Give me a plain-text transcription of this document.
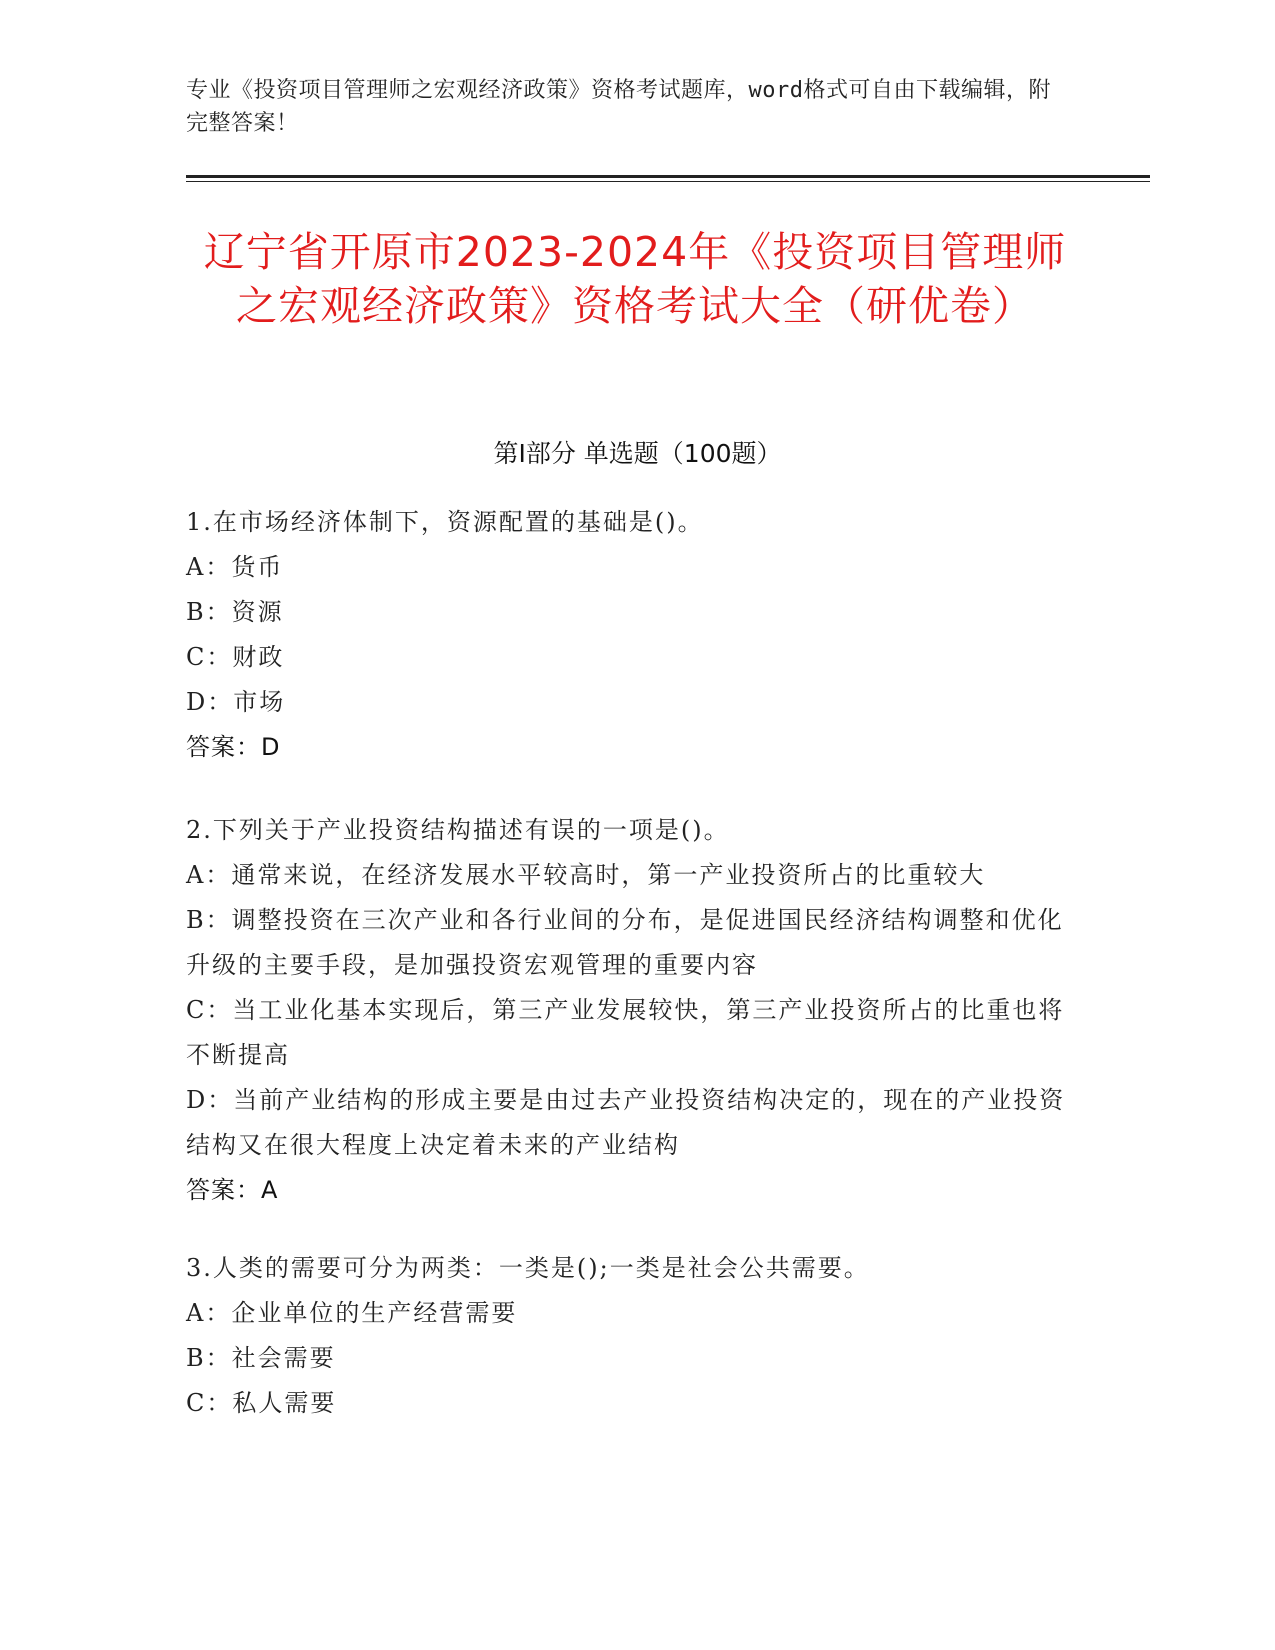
专业《投资项目管理师之宏观经济政策》资格考试题库，word格式可自由下载编辑，附完整答案！
辽宁省开原市2023-2024年《投资项目管理师之宏观经济政策》资格考试大全（研优卷）
第I部分 单选题（100题）

1.在市场经济体制下，资源配置的基础是()。

A：货币

B：资源

C：财政

D：市场

答案：D

2.下列关于产业投资结构描述有误的一项是()。

A：通常来说，在经济发展水平较高时，第一产业投资所占的比重较大

B：调整投资在三次产业和各行业间的分布，是促进国民经济结构调整和优化升级的主要手段，是加强投资宏观管理的重要内容

C：当工业化基本实现后，第三产业发展较快，第三产业投资所占的比重也将不断提高

D：当前产业结构的形成主要是由过去产业投资结构决定的，现在的产业投资结构又在很大程度上决定着未来的产业结构

答案：A

3.人类的需要可分为两类：一类是();一类是社会公共需要。

A：企业单位的生产经营需要

B：社会需要

C：私人需要
